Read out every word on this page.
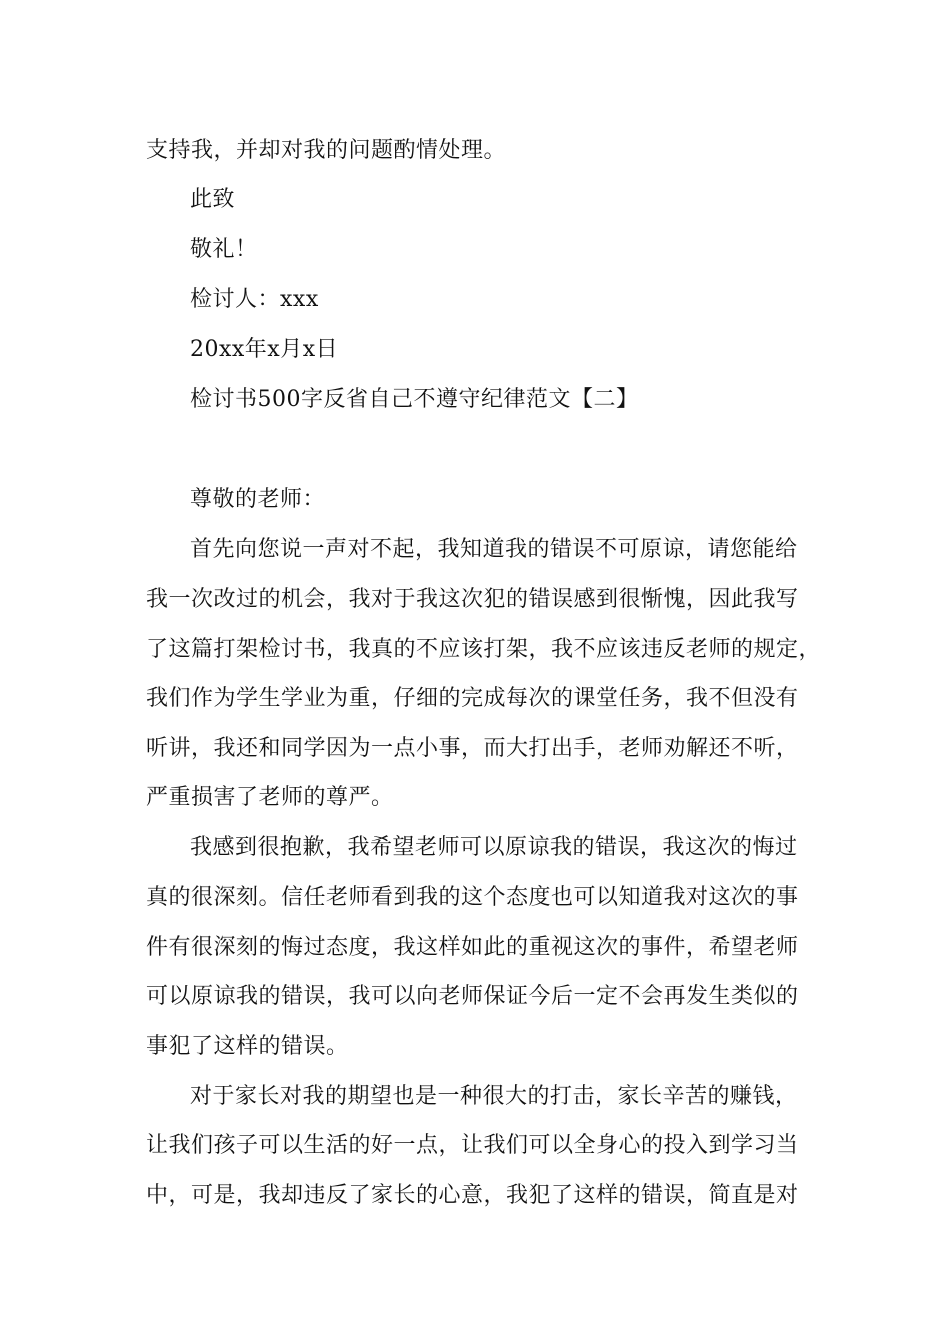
支持我，并却对我的问题酌情处理。
此致
敬礼！
检讨人：xxx
20xx年x月x日
检讨书500字反省自己不遵守纪律范文【二】
尊敬的老师：
首先向您说一声对不起，我知道我的错误不可原谅，请您能给
我一次改过的机会，我对于我这次犯的错误感到很惭愧，因此我写
了这篇打架检讨书，我真的不应该打架，我不应该违反老师的规定，
我们作为学生学业为重，仔细的完成每次的课堂任务，我不但没有
听讲，我还和同学因为一点小事，而大打出手，老师劝解还不听，
严重损害了老师的尊严。
我感到很抱歉，我希望老师可以原谅我的错误，我这次的悔过
真的很深刻。信任老师看到我的这个态度也可以知道我对这次的事
件有很深刻的悔过态度，我这样如此的重视这次的事件，希望老师
可以原谅我的错误，我可以向老师保证今后一定不会再发生类似的
事犯了这样的错误。
对于家长对我的期望也是一种很大的打击，家长辛苦的赚钱，
让我们孩子可以生活的好一点，让我们可以全身心的投入到学习当
中，可是，我却违反了家长的心意，我犯了这样的错误，简直是对
